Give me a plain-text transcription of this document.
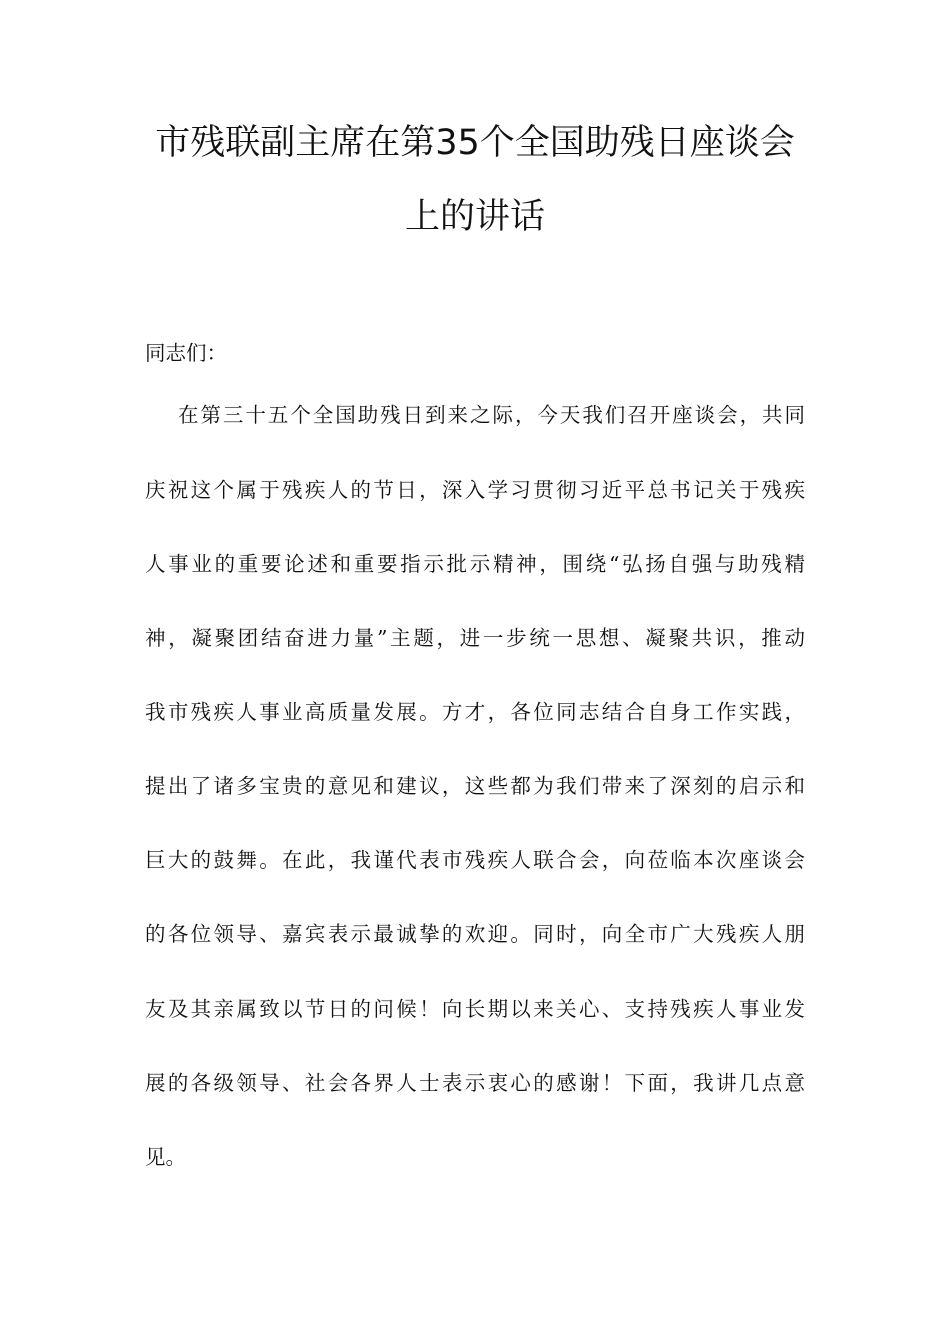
市残联副主席在第35个全国助残日座谈会
上的讲话
同志们：
在第三十五个全国助残日到来之际，今天我们召开座谈会，共同
庆祝这个属于残疾人的节日，深入学习贯彻习近平总书记关于残疾
人事业的重要论述和重要指示批示精神，围绕“弘扬自强与助残精
神，凝聚团结奋进力量”主题，进一步统一思想、凝聚共识，推动
我市残疾人事业高质量发展。方才，各位同志结合自身工作实践，
提出了诸多宝贵的意见和建议，这些都为我们带来了深刻的启示和
巨大的鼓舞。在此，我谨代表市残疾人联合会，向莅临本次座谈会
的各位领导、嘉宾表示最诚挚的欢迎。同时，向全市广大残疾人朋
友及其亲属致以节日的问候！向长期以来关心、支持残疾人事业发
展的各级领导、社会各界人士表示衷心的感谢！下面，我讲几点意
见。
